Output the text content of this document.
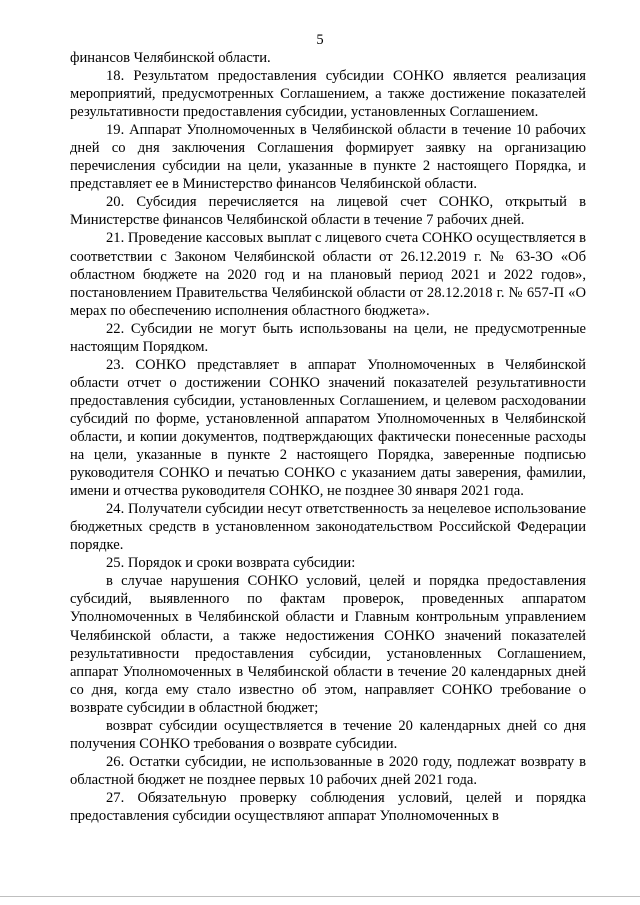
5

финансов Челябинской области.

18. Результатом предоставления субсидии СОНКО является реализация мероприятий, предусмотренных Соглашением, а также достижение показателей результативности предоставления субсидии, установленных Соглашением.

19. Аппарат Уполномоченных в Челябинской области в течение 10 рабочих дней со дня заключения Соглашения формирует заявку на организацию перечисления субсидии на цели, указанные в пункте 2 настоящего Порядка, и представляет ее в Министерство финансов Челябинской области.

20. Субсидия перечисляется на лицевой счет СОНКО, открытый в Министерстве финансов Челябинской области в течение 7 рабочих дней.

21. Проведение кассовых выплат с лицевого счета СОНКО осуществляется в соответствии с Законом Челябинской области от 26.12.2019 г. № 63-ЗО «Об областном бюджете на 2020 год и на плановый период 2021 и 2022 годов», постановлением Правительства Челябинской области от 28.12.2018 г. № 657-П «О мерах по обеспечению исполнения областного бюджета».

22. Субсидии не могут быть использованы на цели, не предусмотренные настоящим Порядком.

23. СОНКО представляет в аппарат Уполномоченных в Челябинской области отчет о достижении СОНКО значений показателей результативности предоставления субсидии, установленных Соглашением, и целевом расходовании субсидий по форме, установленной аппаратом Уполномоченных в Челябинской области, и копии документов, подтверждающих фактически понесенные расходы на цели, указанные в пункте 2 настоящего Порядка, заверенные подписью руководителя СОНКО и печатью СОНКО с указанием даты заверения, фамилии, имени и отчества руководителя СОНКО, не позднее 30 января 2021 года.

24. Получатели субсидии несут ответственность за нецелевое использование бюджетных средств в установленном законодательством Российской Федерации порядке.

25. Порядок и сроки возврата субсидии:

в случае нарушения СОНКО условий, целей и порядка предоставления субсидий, выявленного по фактам проверок, проведенных аппаратом Уполномоченных в Челябинской области и Главным контрольным управлением Челябинской области, а также недостижения СОНКО значений показателей результативности предоставления субсидии, установленных Соглашением, аппарат Уполномоченных в Челябинской области в течение 20 календарных дней со дня, когда ему стало известно об этом, направляет СОНКО требование о возврате субсидии в областной бюджет;

возврат субсидии осуществляется в течение 20 календарных дней со дня получения СОНКО требования о возврате субсидии.

26. Остатки субсидии, не использованные в 2020 году, подлежат возврату в областной бюджет не позднее первых 10 рабочих дней 2021 года.

27. Обязательную проверку соблюдения условий, целей и порядка предоставления субсидии осуществляют аппарат Уполномоченных в
